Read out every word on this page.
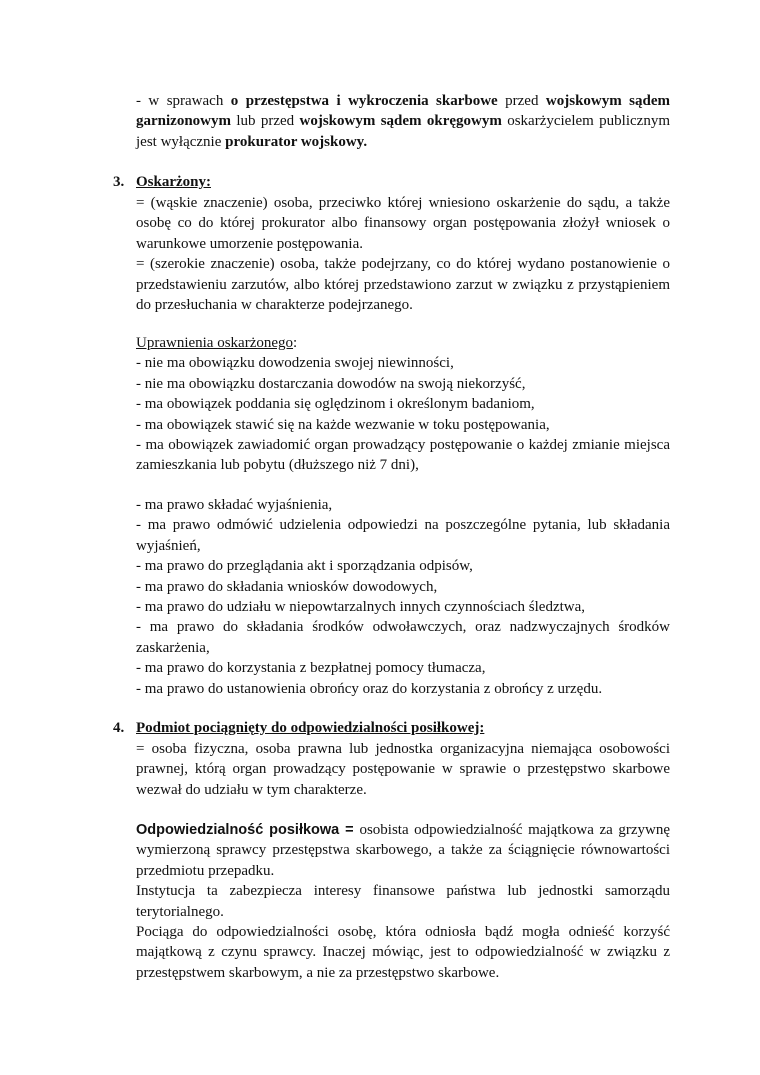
- w sprawach o przestępstwa i wykroczenia skarbowe przed wojskowym sądem garnizonowym lub przed wojskowym sądem okręgowym oskarżycielem publicznym jest wyłącznie prokurator wojskowy.

3. Oskarżony:

= (wąskie znaczenie) osoba, przeciwko której wniesiono oskarżenie do sądu, a także osobę co do której prokurator albo finansowy organ postępowania złożył wniosek o warunkowe umorzenie postępowania.

= (szerokie znaczenie) osoba, także podejrzany, co do której wydano postanowienie o przedstawieniu zarzutów, albo której przedstawiono zarzut w związku z przystąpieniem do przesłuchania w charakterze podejrzanego.

Uprawnienia oskarżonego:

- nie ma obowiązku dowodzenia swojej niewinności,

- nie ma obowiązku dostarczania dowodów na swoją niekorzyść,

- ma obowiązek poddania się oględzinom i określonym badaniom,

- ma obowiązek stawić się na każde wezwanie w toku postępowania,

- ma obowiązek zawiadomić organ prowadzący postępowanie o każdej zmianie miejsca zamieszkania lub pobytu (dłuższego niż 7 dni),

- ma prawo składać wyjaśnienia,

- ma prawo odmówić udzielenia odpowiedzi na poszczególne pytania, lub składania wyjaśnień,

- ma prawo do przeglądania akt i sporządzania odpisów,

- ma prawo do składania wniosków dowodowych,

- ma prawo do udziału w niepowtarzalnych innych czynnościach śledztwa,

- ma prawo do składania środków odwoławczych, oraz nadzwyczajnych środków zaskarżenia,

- ma prawo do korzystania z bezpłatnej pomocy tłumacza,

- ma prawo do ustanowienia obrońcy oraz do korzystania z obrońcy z urzędu.

4. Podmiot pociągnięty do odpowiedzialności posiłkowej:

= osoba fizyczna, osoba prawna lub jednostka organizacyjna niemająca osobowości prawnej, którą organ prowadzący postępowanie w sprawie o przestępstwo skarbowe wezwał do udziału w tym charakterze.

Odpowiedzialność posiłkowa = osobista odpowiedzialność majątkowa za grzywnę wymierzoną sprawcy przestępstwa skarbowego, a także za ściągnięcie równowartości przedmiotu przepadku.

Instytucja ta zabezpiecza interesy finansowe państwa lub jednostki samorządu terytorialnego.

Pociąga do odpowiedzialności osobę, która odniosła bądź mogła odnieść korzyść majątkową z czynu sprawcy. Inaczej mówiąc, jest to odpowiedzialność w związku z przestępstwem skarbowym, a nie za przestępstwo skarbowe.
